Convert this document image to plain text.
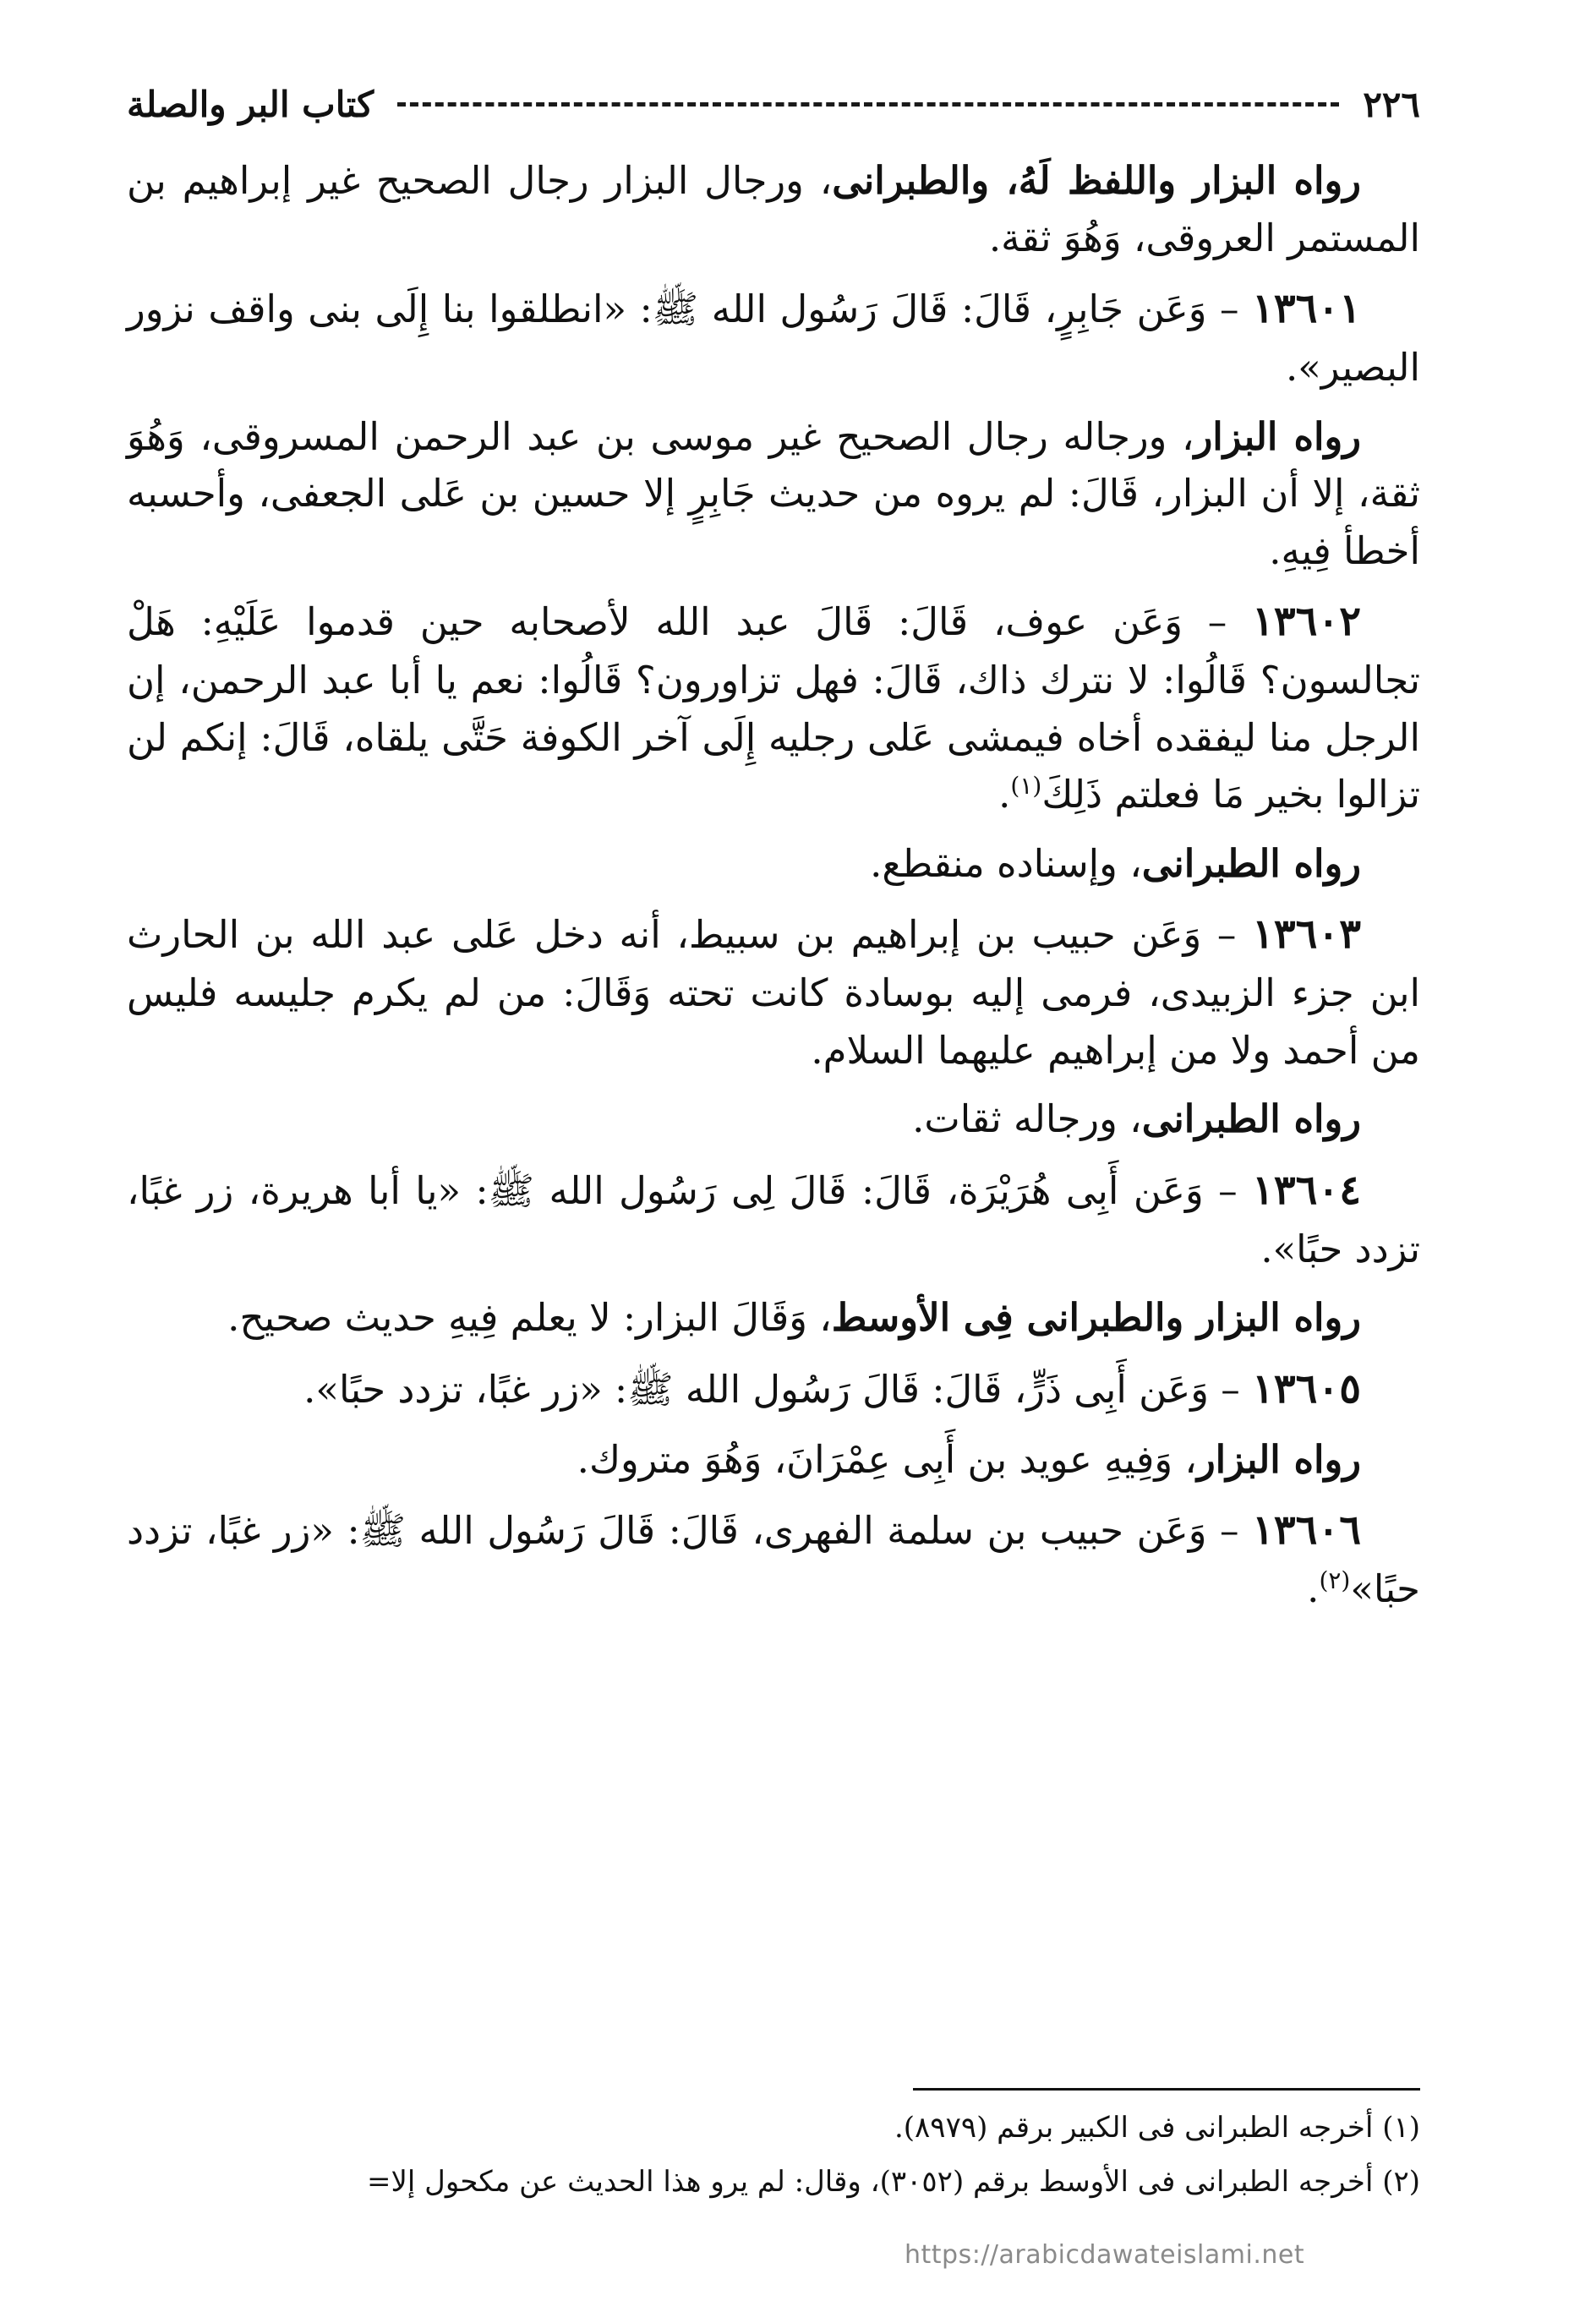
٢٢٦
كتاب البر والصلة

رواه البزار واللفظ لَهُ، والطبرانى، ورجال البزار رجال الصحيح غير إبراهيم بن المستمر العروقى، وَهُوَ ثقة.

١٣٦٠١ – وَعَن جَابِرٍ، قَالَ: قَالَ رَسُول الله ﷺ: «انطلقوا بنا إِلَى بنى واقف نزور البصير».

رواه البزار، ورجاله رجال الصحيح غير موسى بن عبد الرحمن المسروقى، وَهُوَ ثقة، إلا أن البزار، قَالَ: لم يروه من حديث جَابِرٍ إلا حسين بن عَلى الجعفى، وأحسبه أخطأ فِيهِ.

١٣٦٠٢ – وَعَن عوف، قَالَ: قَالَ عبد الله لأصحابه حين قدموا عَلَيْهِ: هَلْ تجالسون؟ قَالُوا: لا نترك ذاك، قَالَ: فهل تزاورون؟ قَالُوا: نعم يا أبا عبد الرحمن، إن الرجل منا ليفقده أخاه فيمشى عَلى رجليه إِلَى آخر الكوفة حَتَّى يلقاه، قَالَ: إنكم لن تزالوا بخير مَا فعلتم ذَلِكَ$^{(١)}$.

رواه الطبرانى، وإسناده منقطع.

١٣٦٠٣ – وَعَن حبيب بن إبراهيم بن سبيط، أنه دخل عَلى عبد الله بن الحارث ابن جزء الزبيدى، فرمى إليه بوسادة كانت تحته وَقَالَ: من لم يكرم جليسه فليس من أحمد ولا من إبراهيم عليهما السلام.

رواه الطبرانى، ورجاله ثقات.

١٣٦٠٤ – وَعَن أَبِى هُرَيْرَة، قَالَ: قَالَ لِى رَسُول الله ﷺ: «يا أبا هريرة، زر غبًا، تزدد حبًا».

رواه البزار والطبرانى فِى الأوسط، وَقَالَ البزار: لا يعلم فِيهِ حديث صحيح.

١٣٦٠٥ – وَعَن أَبِى ذَرٍّ، قَالَ: قَالَ رَسُول الله ﷺ: «زر غبًا، تزدد حبًا».

رواه البزار، وَفِيهِ عويد بن أَبِى عِمْرَانَ، وَهُوَ متروك.

١٣٦٠٦ – وَعَن حبيب بن سلمة الفهرى، قَالَ: قَالَ رَسُول الله ﷺ: «زر غبًا، تزدد حبًا»$^{(٢)}$.

(١) أخرجه الطبرانى فى الكبير برقم (٨٩٧٩).
(٢) أخرجه الطبرانى فى الأوسط برقم (٣٠٥٢)، وقال: لم يرو هذا الحديث عن مكحول إلا=
https://arabicdawateislami.net
